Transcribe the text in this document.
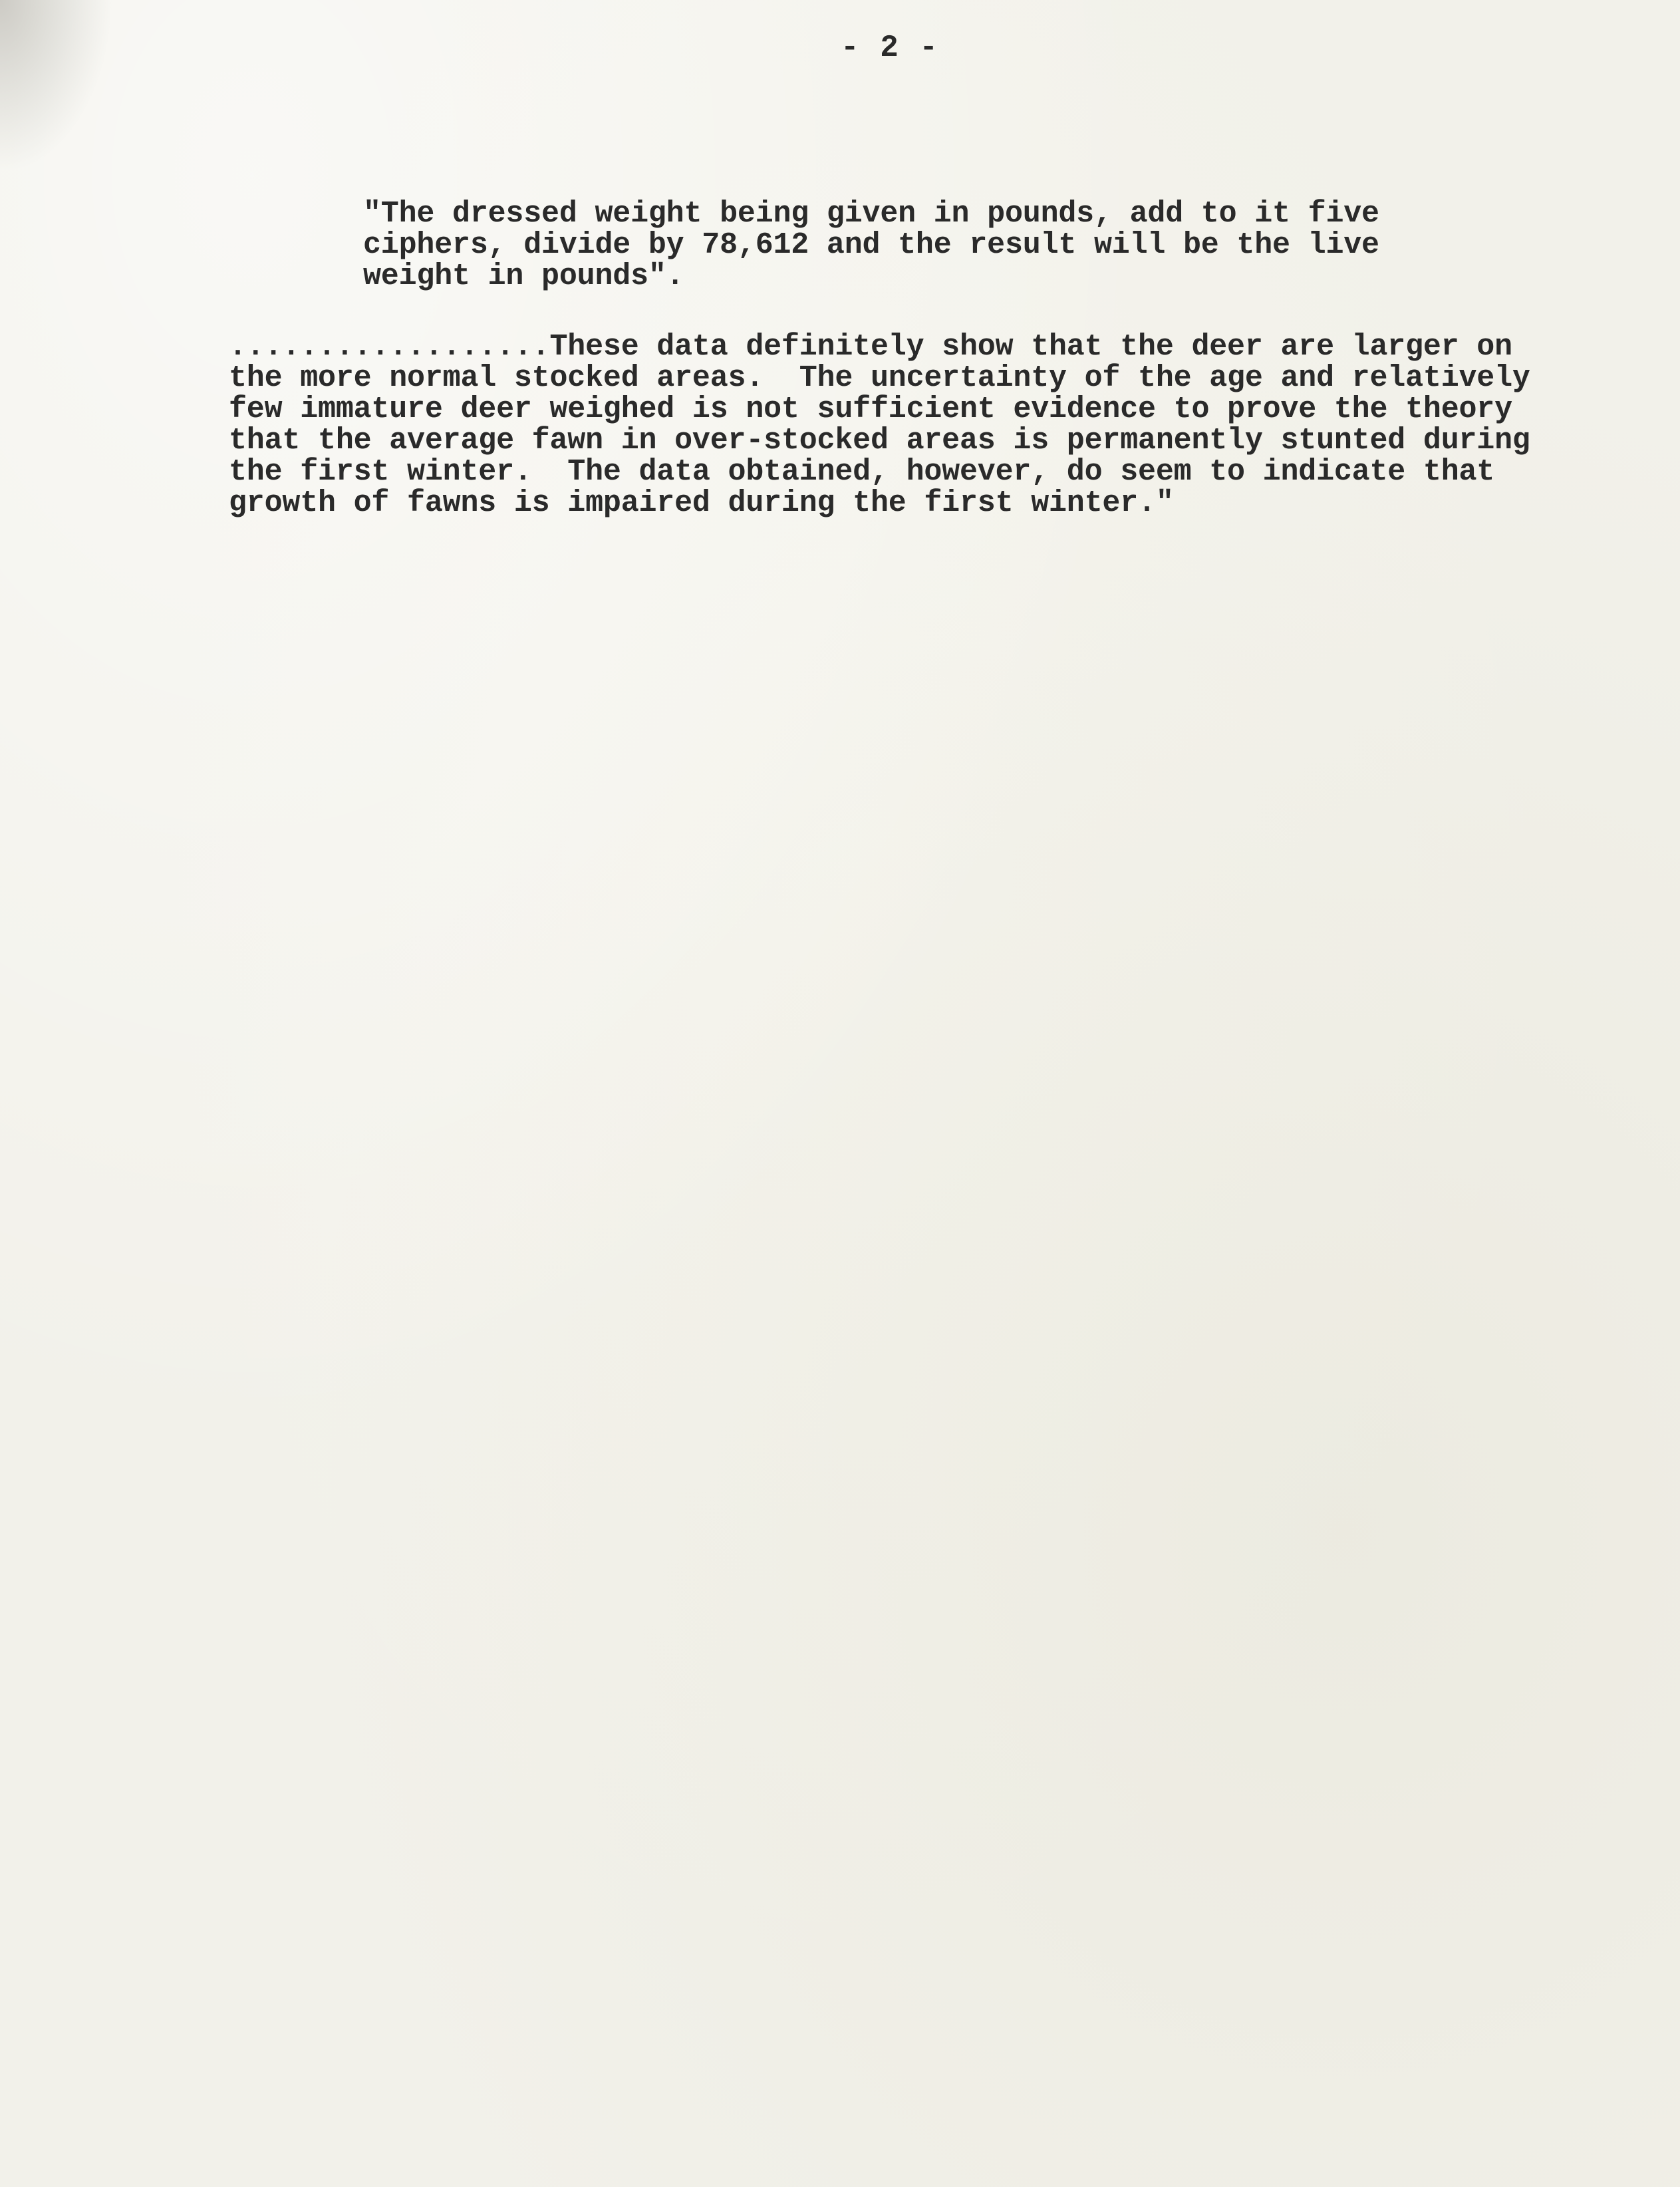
- 2 -
"The dressed weight being given in pounds, add to it five
ciphers, divide by 78,612 and the result will be the live
weight in pounds".
..................These data definitely show that the deer are larger on
the more normal stocked areas.  The uncertainty of the age and relatively
few immature deer weighed is not sufficient evidence to prove the theory
that the average fawn in over-stocked areas is permanently stunted during
the first winter.  The data obtained, however, do seem to indicate that
growth of fawns is impaired during the first winter."
